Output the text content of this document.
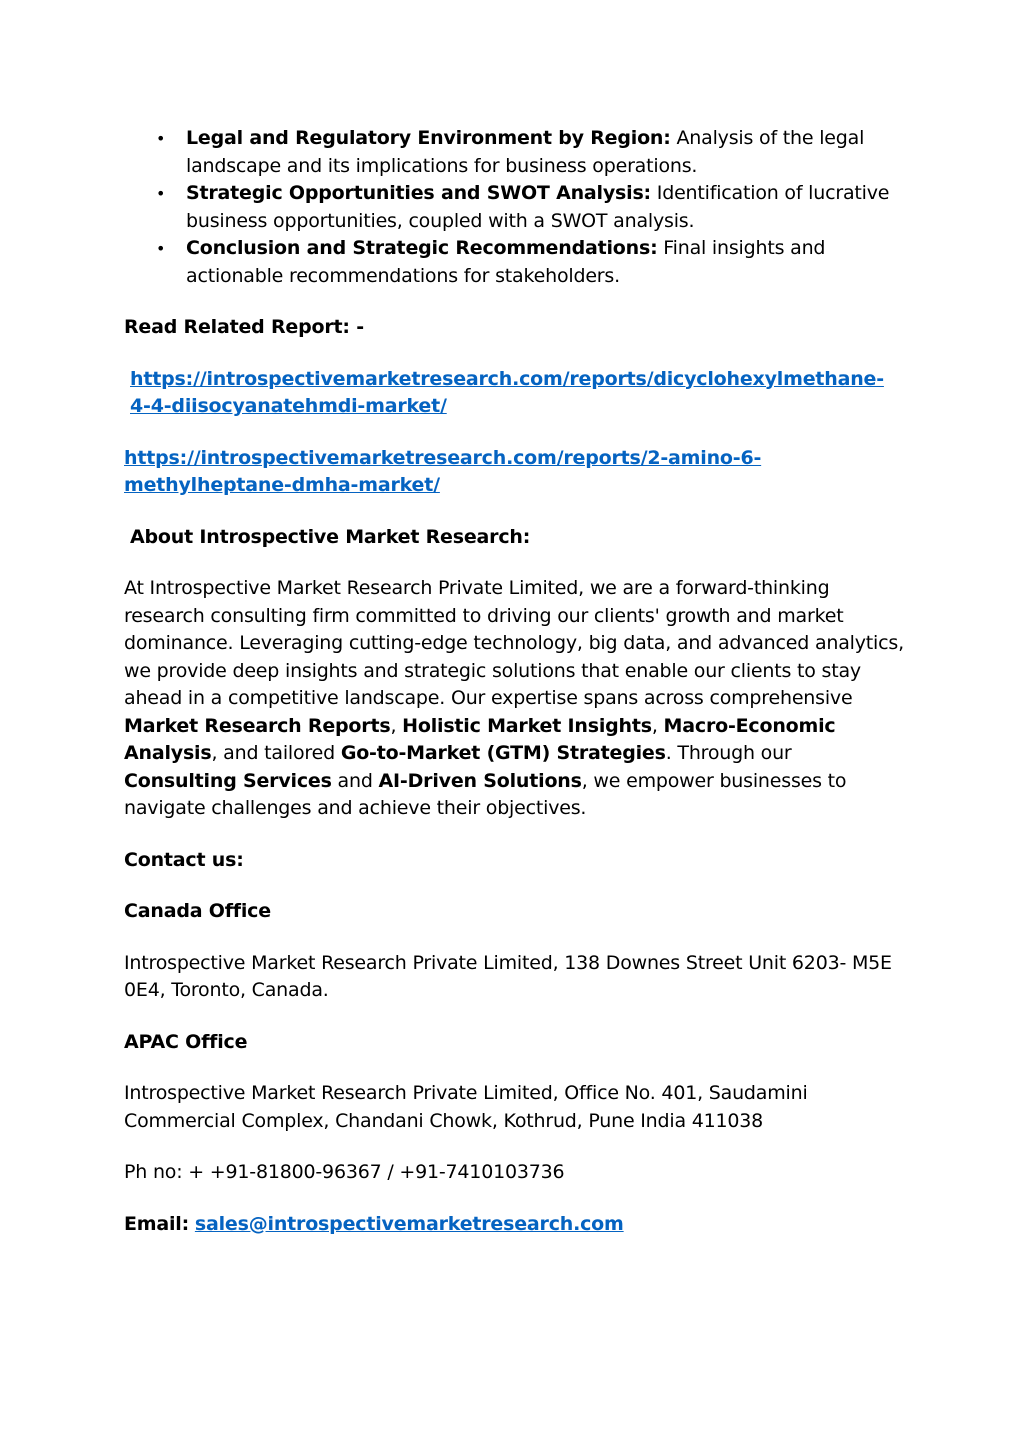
• Legal and Regulatory Environment by Region: Analysis of the legal landscape and its implications for business operations.
• Strategic Opportunities and SWOT Analysis: Identification of lucrative business opportunities, coupled with a SWOT analysis.
• Conclusion and Strategic Recommendations: Final insights and actionable recommendations for stakeholders.

Read Related Report: -

https://introspectivemarketresearch.com/reports/dicyclohexylmethane-4-4-diisocyanatehmdi-market/

https://introspectivemarketresearch.com/reports/2-amino-6-methylheptane-dmha-market/

About Introspective Market Research:

At Introspective Market Research Private Limited, we are a forward-thinking research consulting firm committed to driving our clients' growth and market dominance. Leveraging cutting-edge technology, big data, and advanced analytics, we provide deep insights and strategic solutions that enable our clients to stay ahead in a competitive landscape. Our expertise spans across comprehensive Market Research Reports, Holistic Market Insights, Macro-Economic Analysis, and tailored Go-to-Market (GTM) Strategies. Through our Consulting Services and AI-Driven Solutions, we empower businesses to navigate challenges and achieve their objectives.

Contact us:

Canada Office

Introspective Market Research Private Limited, 138 Downes Street Unit 6203- M5E 0E4, Toronto, Canada.

APAC Office

Introspective Market Research Private Limited, Office No. 401, Saudamini Commercial Complex, Chandani Chowk, Kothrud, Pune India 411038

Ph no: + +91-81800-96367 / +91-7410103736

Email: sales@introspectivemarketresearch.com
